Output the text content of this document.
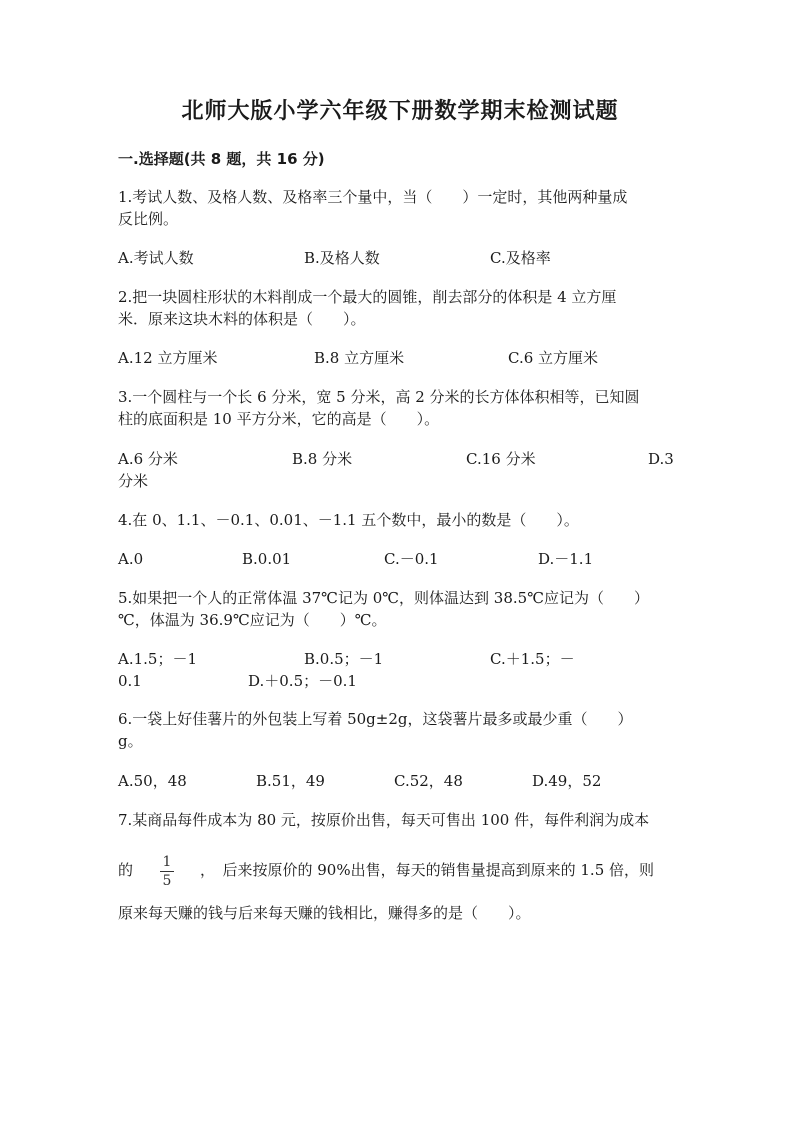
北师大版小学六年级下册数学期末检测试题
一.选择题(共 8 题，共 16 分)
1.考试人数、及格人数、及格率三个量中，当（　　）一定时，其他两种量成
反比例。
A.考试人数	B.及格人数	C.及格率
2.把一块圆柱形状的木料削成一个最大的圆锥，削去部分的体积是 4 立方厘
米．原来这块木料的体积是（　　）。
A.12 立方厘米	B.8 立方厘米	C.6 立方厘米
3.一个圆柱与一个长 6 分米，宽 5 分米，高 2 分米的长方体体积相等，已知圆
柱的底面积是 10 平方分米，它的高是（　　）。
A.6 分米	B.8 分米	C.16 分米	D.3
分米
4.在 0、1.1、－0.1、0.01、－1.1 五个数中，最小的数是（　　）。
A.0	B.0.01	C.－0.1	D.－1.1
5.如果把一个人的正常体温 37℃记为 0℃，则体温达到 38.5℃应记为（　　）
℃，体温为 36.9℃应记为（　　）℃。
A.1.5；－1	B.0.5；－1	C.＋1.5；－
0.1	D.＋0.5；－0.1
6.一袋上好佳薯片的外包装上写着 50g±2g，这袋薯片最多或最少重（　　）
g。
A.50，48	B.51，49	C.52，48	D.49，52
7.某商品每件成本为 80 元，按原价出售，每天可售出 100 件，每件利润为成本
的 1
5
，　后来按原价的 90%出售，每天的销售量提高到原来的 1.5 倍，则
原来每天赚的钱与后来每天赚的钱相比，赚得多的是（　　）。
